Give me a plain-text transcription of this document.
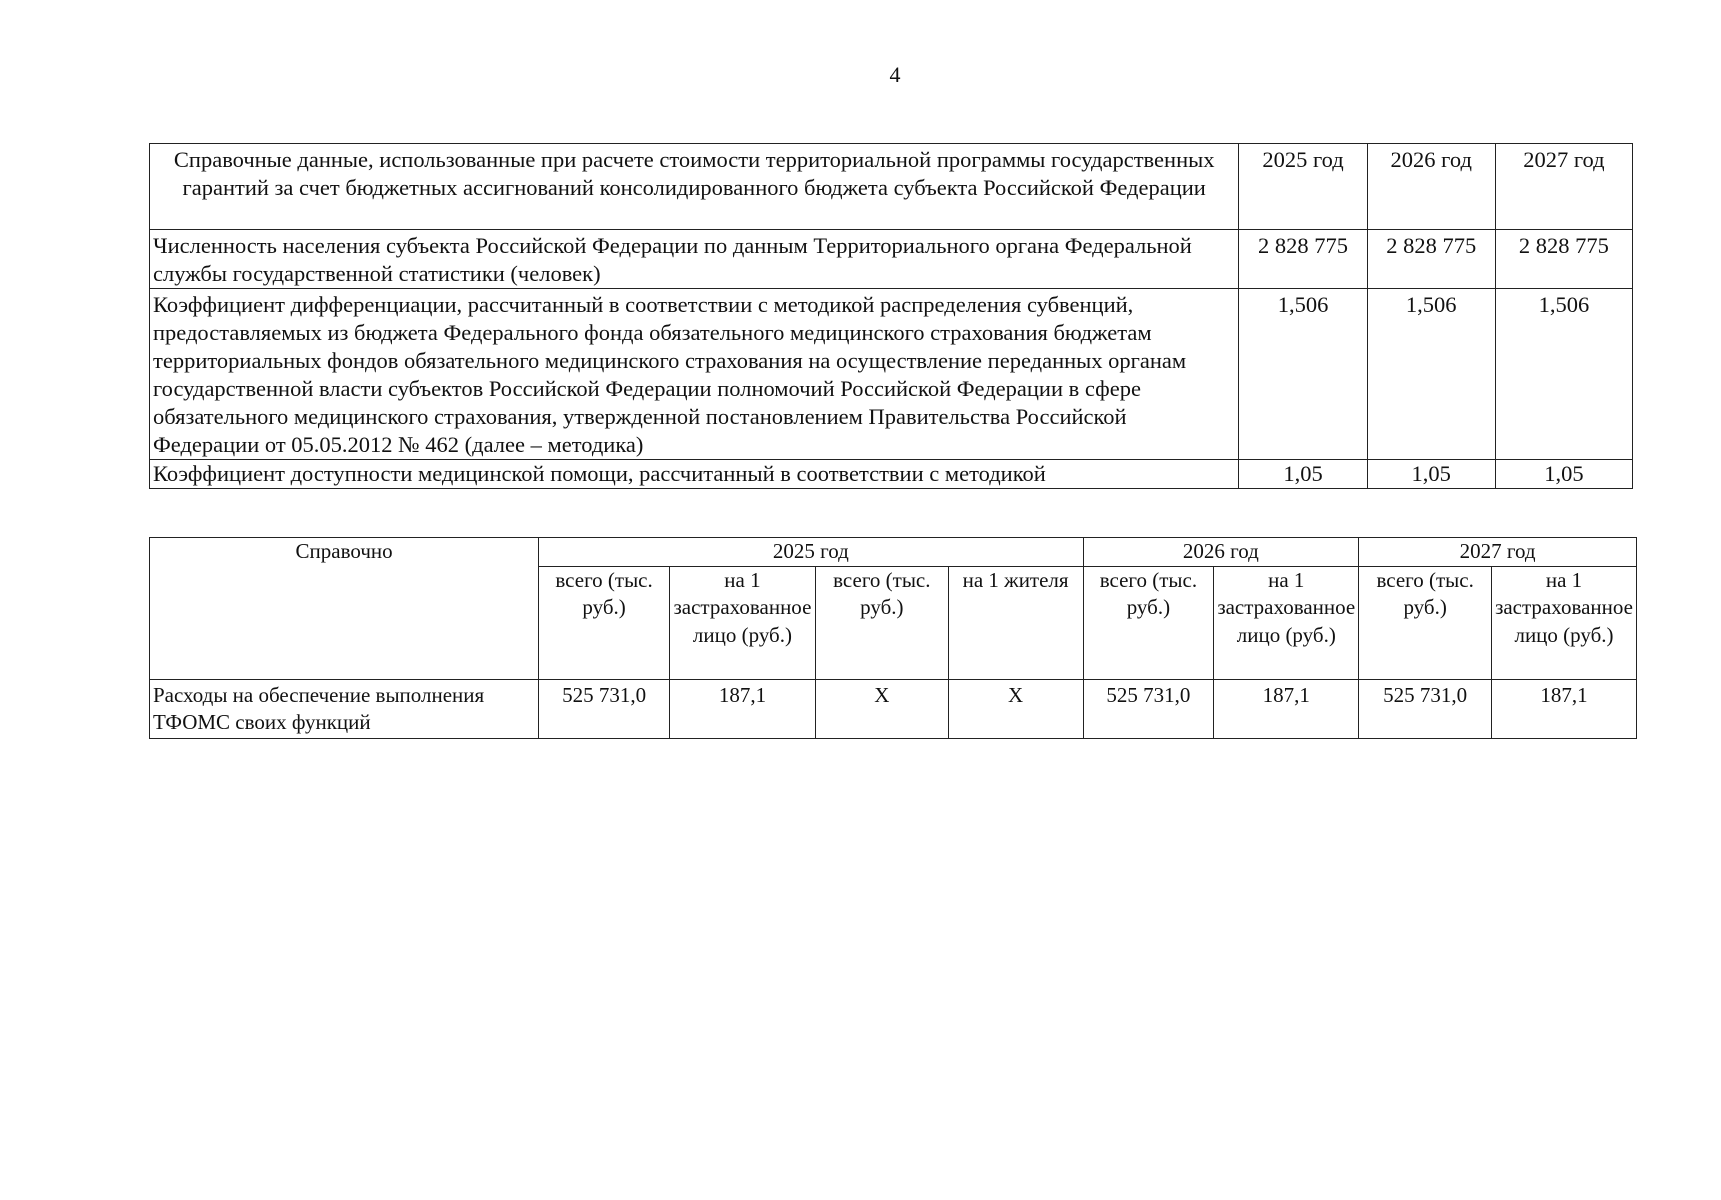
4
Справочные данные, использованные при расчете стоимости территориальной программы государственных гарантий за счет бюджетных ассигнований консолидированного бюджета субъекта Российской Федерации	2025 год	2026 год	2027 год
Численность населения субъекта Российской Федерации по данным Территориального органа Федеральной службы государственной статистики (человек)	2 828 775	2 828 775	2 828 775
Коэффициент дифференциации, рассчитанный в соответствии с методикой распределения субвенций, предоставляемых из бюджета Федерального фонда обязательного медицинского страхования бюджетам территориальных фондов обязательного медицинского страхования на осуществление переданных органам государственной власти субъектов Российской Федерации полномочий Российской Федерации в сфере обязательного медицинского страхования, утвержденной постановлением Правительства Российской Федерации от 05.05.2012 № 462 (далее – методика)	1,506	1,506	1,506
Коэффициент доступности медицинской помощи, рассчитанный в соответствии с методикой	1,05	1,05	1,05
Справочно	2025 год				2026 год		2027 год	
	всего (тыс. руб.)	на 1 застрахованное лицо (руб.)	всего (тыс. руб.)	на 1 жителя	всего (тыс. руб.)	на 1 застрахованное лицо (руб.)	всего (тыс. руб.)	на 1 застрахованное лицо (руб.)
Расходы на обеспечение выполнения ТФОМС своих функций	525 731,0	187,1	Х	Х	525 731,0	187,1	525 731,0	187,1
